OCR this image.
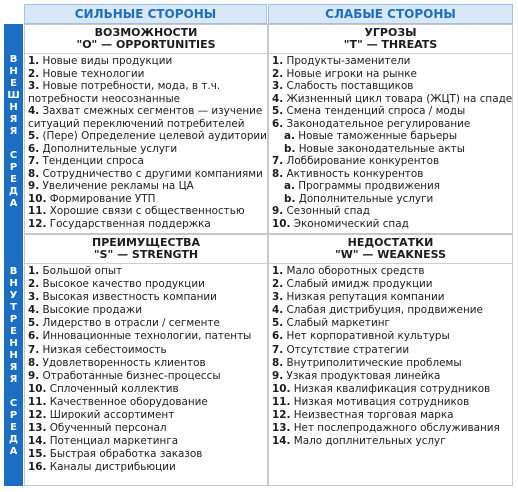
СИЛЬНЫЕ СТОРОНЫ	СЛАБЫЕ СТОРОНЫ
В
Н
Е
Ш
Н
Я
Я
С
Р
Е
Д
А
В
Н
У
Т
Р
Е
Н
Н
Я
Я
С
Р
Е
Д
А
ВОЗМОЖНОСТИ
"O" — OPPORTUNITIES
1. Новые виды продукции
2. Новые технологии
3. Новые потребности, мода, в т.ч.
потребности неосознанные
4. Захват смежных сегментов — изучение
ситуаций переключений потребителей
5. (Пере) Определение целевой аудитории
6. Дополнительные услуги
7. Тенденции спроса
8. Сотрудничество с другими компаниями
9. Увеличение рекламы на ЦА
10. Формирование УТП
11. Хорошие связи с общественностью
12. Государственная поддержка
УГРОЗЫ
"T" — THREATS
1. Продукты-заменители
2. Новые игроки на рынке
3. Слабость поставщиков
4. Жизненный цикл товара (ЖЦТ) на спаде
5. Смена тенденций спроса / моды
6. Законодательное регулирование
a. Новые таможенные барьеры
b. Новые законодательные акты
7. Лоббирование конкурентов
8. Активность конкурентов
a. Программы продвижения
b. Дополнительные услуги
9. Сезонный спад
10. Экономический спад
ПРЕИМУЩЕСТВА
"S" — STRENGTH
1. Большой опыт
2. Высокое качество продукции
3. Высокая известность компании
4. Высокие продажи
5. Лидерство в отрасли / сегменте
6. Инновационные технологии, патенты
7. Низкая себестоимость
8. Удовлетворенность клиентов
9. Отработанные бизнес-процессы
10. Сплоченный коллектив
11. Качественное оборудование
12. Широкий ассортимент
13. Обученный персонал
14. Потенциал маркетинга
15. Быстрая обработка заказов
16. Каналы дистрибьюции
НЕДОСТАТКИ
"W" — WEAKNESS
1. Мало оборотных средств
2. Слабый имидж продукции
3. Низкая репутация компании
4. Слабая дистрибуция, продвижение
5. Слабый маркетинг
6. Нет корпоративной культуры
7. Отсутствие стратегии
8. Внутриполитические проблемы
9. Узкая продуктовая линейка
10. Низкая квалификация сотрудников
11. Низкая мотивация сотрудников
12. Неизвестная торговая марка
13. Нет послепродажного обслуживания
14. Мало доплнительных услуг
